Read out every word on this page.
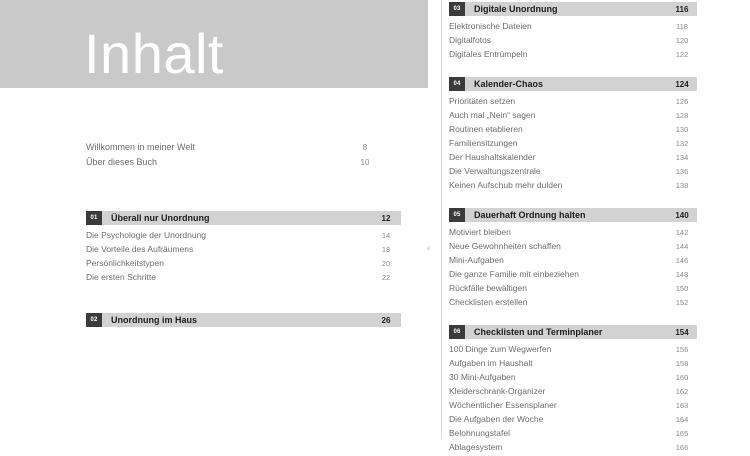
Inhalt
Willkommen in meiner Welt	8
Über dieses Buch	10
01	Überall nur Unordnung	12
Die Psychologie der Unordnung	14
Die Vorteile des Aufräumens	18
Persönlichkeitstypen	20
Die ersten Schritte	22
02	Unordnung im Haus	26
03	Digitale Unordnung	116
Elektronische Dateien	118
Digitalfotos	120
Digitales Entrümpeln	122
04	Kalender-Chaos	124
Prioritäten setzen	126
Auch mal „Nein“ sagen	128
Routinen etablieren	130
Familiensitzungen	132
Der Haushaltskalender	134
Die Verwaltungszentrale	136
Keinen Aufschub mehr dulden	138
05	Dauerhaft Ordnung halten	140
Motiviert bleiben	142
Neue Gewohnheiten schaffen	144
Mini-Aufgaben	146
Die ganze Familie mit einbeziehen	148
Rückfälle bewältigen	150
Checklisten erstellen	152
06	Checklisten und Terminplaner	154
100 Dinge zum Wegwerfen	156
Aufgaben im Haushalt	158
30 Mini-Aufgaben	160
Kleiderschrank-Organizer	162
Wöchentlicher Essensplaner	163
Die Aufgaben der Woche	164
Belohnungstafel	165
Ablagesystem	166
e
